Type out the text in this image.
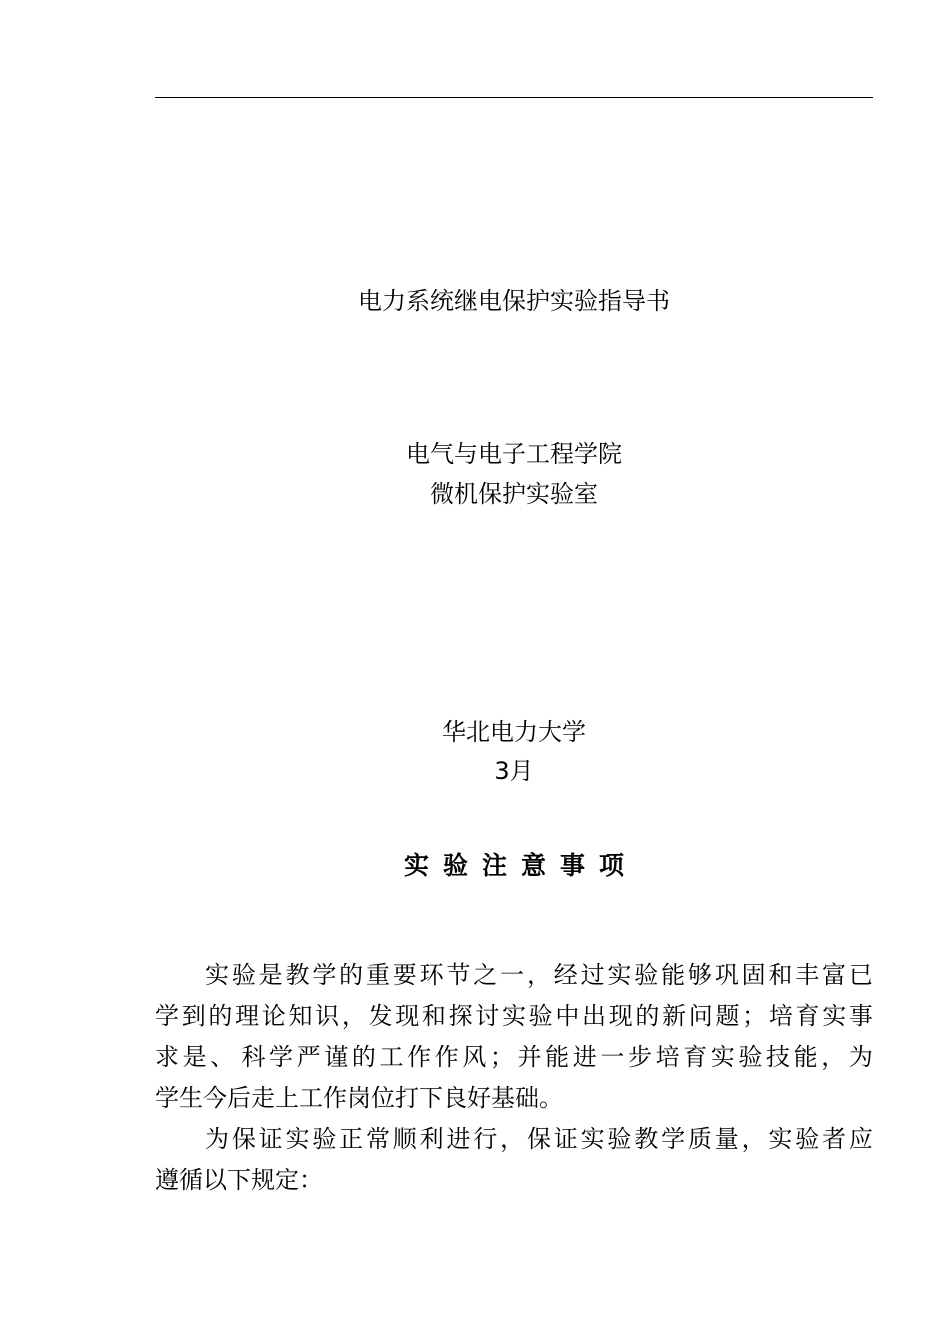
电力系统继电保护实验指导书
电气与电子工程学院
微机保护实验室
华北电力大学
3月
实验注意事项
实 验 是 教 学 的 重 要 环 节 之 一 ， 经 过 实 验 能 够 巩 固 和 丰 富 已
学 到 的 理 论 知 识 ， 发 现 和 探 讨 实 验 中 出 现 的 新 问 题 ； 培 育 实 事
求 是 、 科 学 严 谨 的 工 作 作 风 ； 并 能 进 一 步 培 育 实 验 技 能 ， 为
学生今后走上工作岗位打下良好基础。
为 保 证 实 验 正 常 顺 利 进 行 ， 保 证 实 验 教 学 质 量 ， 实 验 者 应
遵循以下规定：
